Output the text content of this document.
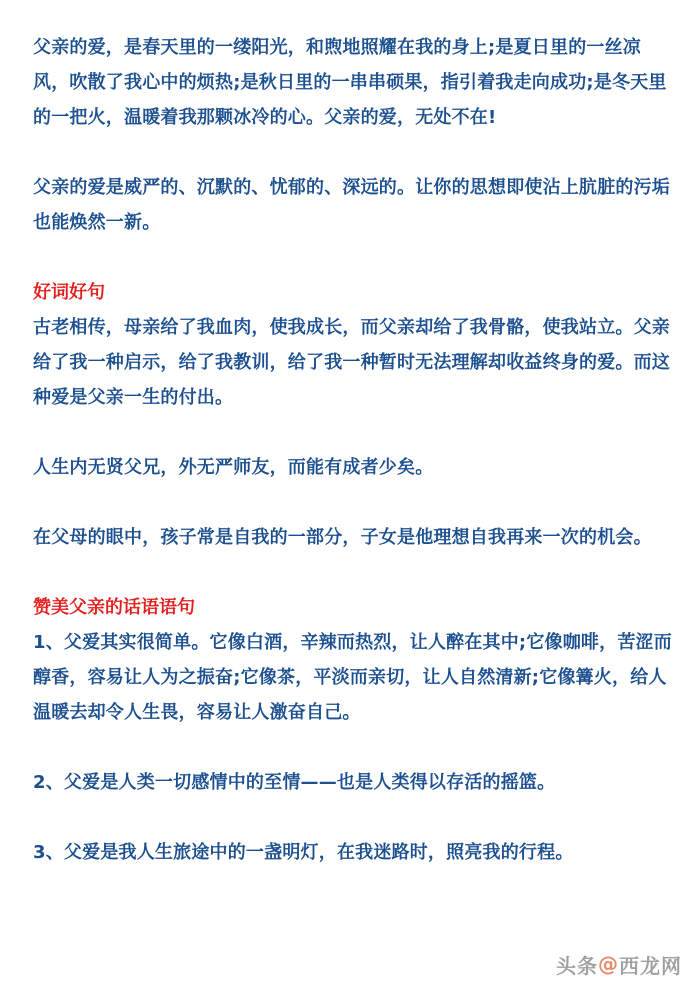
父亲的爱，是春天里的一缕阳光，和煦地照耀在我的身上;是夏日里的一丝凉风，吹散了我心中的烦热;是秋日里的一串串硕果，指引着我走向成功;是冬天里的一把火，温暖着我那颗冰冷的心。父亲的爱，无处不在!

父亲的爱是威严的、沉默的、忧郁的、深远的。让你的思想即使沾上肮脏的污垢也能焕然一新。

好词好句

古老相传，母亲给了我血肉，使我成长，而父亲却给了我骨骼，使我站立。父亲给了我一种启示，给了我教训，给了我一种暂时无法理解却收益终身的爱。而这种爱是父亲一生的付出。

人生内无贤父兄，外无严师友，而能有成者少矣。

在父母的眼中，孩子常是自我的一部分，子女是他理想自我再来一次的机会。

赞美父亲的话语语句

1、父爱其实很简单。它像白酒，辛辣而热烈，让人醉在其中;它像咖啡，苦涩而醇香，容易让人为之振奋;它像茶，平淡而亲切，让人自然清新;它像篝火，给人温暖去却令人生畏，容易让人激奋自己。

2、父爱是人类一切感情中的至情——也是人类得以存活的摇篮。

3、父爱是我人生旅途中的一盏明灯，在我迷路时，照亮我的行程。

头条 @ 西龙网
